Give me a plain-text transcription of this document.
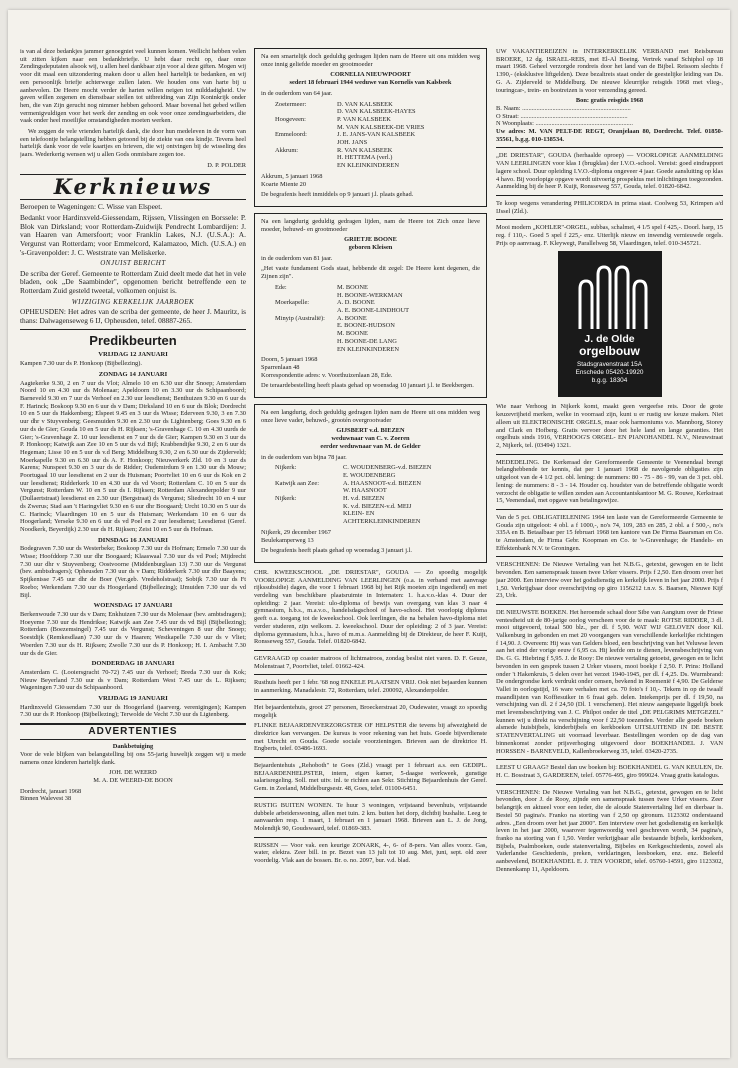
is van al deze bedankjes jammer genoegniet veel kunnen komen. Wellicht hebben velen uit zitten kijken naar een bedankbriefje. U hebt daar recht op, daar onze Zendingsdeputaten alsook wij, u allen heel dankbaar zijn voor al deze giften. Mogen wij voor dit maal een uitzondering maken door u allen heel hartelijk te bedanken, en wij een persoonlijk briefje achterwege zullen laten. We houden ons van harte bij u aanbevolen. De Heere mocht verder de harten willen neigen tot milddadigheid. Uw gaven willen zegenen en dienstbaar stellen tot uitbreiding van Zijn Koninkrijk onder hen, die van Zijn gerucht nog nimmer hebben gehoord. Maar bovenal het gebed willen vermenigvuldigen voor het werk der zending en ook voor onze zendingsarbeiders, die vaak onder heel moeilijke omstandigheden moeten werken.

We zeggen de vele vrienden hartelijk dank, die door hun medeleven in de vorm van een telefoontje belangstelling hebben getoond bij de ziekte van ons kindje. Tevens heel hartelijk dank voor de vele kaartjes en brieven, die wij ontvingen bij de wisseling des jaars. Wederkerig wensen wij u allen Gods onmisbare zegen toe.

D. P. POLDER

Kerknieuws

Beroepen te Wageningen: C. Wisse van Elspeet.

Bedankt voor Hardinxveld-Giessendam, Rijssen, Vlissingen en Borssele: P. Blok van Dirksland; voor Rotterdam-Zuidwijk Pendrecht Lombardijen: J. van Haaren van Amersfoort; voor Franklin Lakes, N.J. (U.S.A.): A. Vergunst van Rotterdam; voor Emmelcord, Kalamazoo, Mich. (U.S.A.) en 's-Gravenpolder: J. C. Weststrate van Meliskerke.

ONJUIST BERICHT

De scriba der Geref. Gemeente te Rotterdam Zuid deelt mede dat het in vele bladen, ook „De Saambinder", opgenomen bericht betreffende een te Rotterdam Zuid gesteld tweetal, volkomen onjuist is.

WIJZIGING KERKELIJK JAARBOEK

OPHEUSDEN: Het adres van de scriba der gemeente, de heer J. Mauritz, is thans: Dalwagenseweg 6 IJ, Opheusden, telef. 08887-265.

Predikbeurten
VRIJDAG 12 JANUARI

Kampen 7.30 uur ds P. Honkoop (Bijbellezing).

ZONDAG 14 JANUARI

Aagtekerke 9.30, 2 en 7 uur ds Vlot; Almelo 10 en 6.30 uur dhr Snoep; Amsterdam Noord 10 en 4.30 uur ds Molenaar; Apeldoorn 10 en 3.30 uur ds Schipaanboord; Barneveld 9.30 en 7 uur ds Verhoef en 2.30 uur leesdienst; Benthuizen 9.30 en 6 uur ds F. Harinck; Boskoop 9.30 en 6 uur ds v Dam; Dirksland 10 en 6 uur ds Blok; Dordrecht 10 en 5 uur ds Hakkenberg; Elspeet 9.45 en 3 uur ds Wisse; Ederveen 9.30, 3 en 7.30 uur dhr v Stuyvenberg; Geesmuiden 9.30 en 2.30 uur ds Lightenberg; Goes 9.30 en 6 uur ds de Gier; Gouda 10 en 5 uur ds H. Rijksen; 's-Gravenhage C. 10 en 4.30 uurds de Gier; 's-Gravenhage Z. 10 uur leesdienst en 7 uur ds de Gier; Kampen 9.30 en 3 uur ds P. Honkoop; Katwijk aan Zee 10 en 5 uur ds v.d Bijl; Krabbendijke 9.30, 2 en 6 uur ds Hegeman; Lisse 10 en 5 uur ds v.d Berg; Middelburg 9.30, 2 en 6.30 uur ds Zijderveld; Moerkapelle 9.30 en 6.30 uur ds A. F. Honkoop; Nieuwerkerk Zld. 10 en 3 uur ds Karens; Nunspeet 9.30 en 3 uur ds de Ridder; Oudemirdum 9 en 1.30 uur ds Mouw; Poortugaal 10 uur leesdienst en 2 uur ds Huisman; Poortvliet 10 en 6 uur ds Kok en 2 uur leesdienst; Ridderkerk 10 en 4.30 uur ds vd Voort; Rotterdam C. 10 en 5 uur ds Vergunst; Rotterdam W. 10 en 5 uur ds I. Rijksen; Rotterdam Alexanderpolder 9 uur (Dullaertstraat) leesdienst en 2.30 uur (Bergstraat) ds Vergunst; Sliedrecht 10 en 4 uur ds Zwerus; Stad aan 't Haringvliet 9.30 en 6 uur dhr Boogaard; Urcht 10.30 en 5 uur ds C. Harinck; Vlaardingen 10 en 5 uur ds Huisman; Werkendam 10 en 6 uur ds Hoogerland; Yerseke 9.30 en 6 uur ds vd Poel en 2 uur leesdienst; Leesdienst (Geref. Noodkerk, Beyerdijk) 2.30 uur ds H. Rijksen; Zeist 10 en 5 uur ds Hofman.

DINSDAG 16 JANUARI

Bodegraven 7.30 uur ds Westerbeke; Boskoop 7.30 uur ds Hofman; Ermelo 7.30 uur ds Wisse; Hoofddorp 7.30 uur dhr Boogaard; Klaaswaal 7.30 uur ds vd Poel; Mijdrecht 7.30 uur dhr v Stuyvenberg; Oostvoorne (Middenburglaan 13) 7.30 uur ds Vergunst (bev. ambtsdragers); Opheusden 7.30 uur ds v Dam; Ridderkerk 7.30 uur dhr Baayens; Spijkenisse 7.45 uur dhr de Boer (Ver.geb. Vredeholstraat); Sobijk 7.30 uur ds Ft Roebo; Werkendam 7.30 uur ds Hoogerland (Bijbellezing); IJmuiden 7.30 uur ds vd Bijl.

WOENSDAG 17 JANUARI

Berkenwoude 7.30 uur ds v Dam; Enkhuizen 7.30 uur ds Molenaar (bev. ambtsdragers); Hoeyeme 7.30 uur ds Hendrikse; Katwijk aan Zee 7.45 uur ds vd Bijl (Bijbellezing); Rotterdam (Boezemsingel) 7.45 uur ds Vergunst; Scheveningen 8 uur dhr Snoep; Soestdijk (Remkesdlaan) 7.30 uur ds v Haaren; Westkapelle 7.30 uur ds v Vliet; Woerden 7.30 uur ds H. Rijksen; Zwolle 7.30 uur ds P. Honkoop; H. I. Ambacht 7.30 uur ds de Gier.

DONDERDAG 18 JANUARI

Amsterdam C. (Looiersgracht 70-72) 7.45 uur ds Verhoef; Breda 7.30 uur ds Kok; Nieuw Beyerland 7.30 uur ds v Dam; Rotterdam West 7.45 uur ds L. Rijksen; Wageningen 7.30 uur ds Schipaanboord.

VRIJDAG 19 JANUARI

Hardinxveld Giessendam 7.30 uur ds Hoogerland (jaarverg. verenigingen); Kampen 7.30 uur ds P. Honkoop (Bijbellezing); Terwolde de Vecht 7.30 uur ds Ligtenberg.

ADVERTENTIES
Dankbetuiging

Voor de vele blijken van belangstelling bij ons 55-jarig huwelijk zeggen wij u mede namens onze kinderen hartelijk dank.

JOH. DE WEERD
M. A. DE WEERD-DE BOON
Dordrecht, januari 1968
Binnen Walevest 38

Na een smartelijk doch geduldig gedragen lijden nam de Heere uit ons midden weg onze innig geliefde moeder en grootmoeder

CORNELIA NIEUWPOORT
sedert 18 februari 1944 weduwe van Kornelis van Kalsbeek

in de ouderdom van 64 jaar.

Zoetermeer:	D. VAN KALSBEEK
D. VAN KALSBEEK-HAYES
Hoogeveen:	P. VAN KALSBEEK
M. VAN KALSBEEK-DE VRIES
Emmeloord:	J. E. JANS-VAN KALSBEEK
JOH. JANS
Akkrum:	R. VAN KALSBEEK
H. HETTEMA (verl.)
EN KLEINKINDEREN
Akkrum, 5 januari 1968
Koarte Miente 20

De begrafenis heeft inmiddels op 9 januari j.l. plaats gehad.

Na een langdurig geduldig gedragen lijden, nam de Heere tot Zich onze lieve moeder, behuwd- en grootmoeder

GRIETJE BOONE
geboren Kleisen

in de ouderdom van 81 jaar.

„Het vaste fundament Gods staat, hebbende dit zegel: De Heere kent degenen, die Zijnen zijn".

Ede:	M. BOONE
H. BOONE-WERKMAN
Moerkapelle:	A. D. BOONE
A. E. BOONE-LINDHOUT
Minyip (Australië):	A. BOONE
E. BOONE-HUDSON
M. BOONE
H. BOONE-DE LANG
EN KLEINKINDEREN
Doorn, 5 januari 1968
Sparrenlaan 48
Korrespondentie adres: v. Voorthuizenlaan 28, Ede.

De teraardebestelling heeft plaats gehad op woensdag 10 januari j.l. te Beekbergen.

Na een langdurig, doch geduldig gedragen lijden nam de Heere uit ons midden weg onze lieve vader, behuwd-, grootén overgrootvader

GIJSBERT v.d. BIEZEN
weduwnaar van C. v. Zoeren
eerder weduwnaar van M. de Gelder

in de ouderdom van bijna 78 jaar.

Nijkerk:	C. WOUDENBERG-v.d. BIEZEN
E. WOUDENBERG
Katwijk aan Zee:	A. HAASNOOT-v.d. BIEZEN
W. HAASNOOT
Nijkerk:	H. v.d. BIEZEN
K. v.d. BIEZEN-v.d. MEIJ
KLEIN- EN
ACHTERKLEINKINDEREN
Nijkerk, 29 december 1967
Beulekamperweg 13

De begrafenis heeft plaats gehad op woensdag 3 januari j.l.

CHR. KWEEKSCHOOL „DE DRIESTAR", GOUDA — Zo spoedig mogelijk VOORLOPIGE AANMELDING VAN LEERLINGEN (o.a. in verband met aanvrage rijkssubsidie) dagen, die voor 1 februari 1968 bij het Rijk moeten zijn ingediend) en met verdeling van beschikbare plaatsruimte in Internaten: 1. h.a.v.o.-klas 4. Duur der opleiding: 2 jaar. Vereist: ulo-diploma of bewijs van overgang van klas 3 naar 4 gymnasium, h.b.s., m.a.v.o., handelsdagschool of havo-school. Het voorlopig diploma geeft o.a. toegang tot de kweekschool. Ook leerlingen, die na behalen havo-diploma niet verder studeren, zijn welkom. 2. kweekschool. Duur der opleiding: 2 of 3 jaar. Vereist: diploma gymnasium, h.b.s., havo of m.m.s. Aanmelding bij de Direkteur, de heer F. Kuijt, Ronsseweg 557, Gouda. Telef. 01820-6842.

GEVRAAGD op coaster matroos of lichtmatroos, zondag beslist niet varen. D. F. Geuze, Molenstraat 7, Poortvliet, telef. 01662-424.

Rusthuis heeft per 1 febr. '68 nog ENKELE PLAATSEN VRIJ. Ook niet bejaarden kunnen in aanmerking. Manadalestr. 72, Rotterdam, telef. 200092, Alexanderpolder.

Het bejaardentehuis, groot 27 personen, Broeckerstraat 20, Oudewater, vraagt zo spoedig mogelijk

FLINKE BEJAARDENVERZORGSTER OF HELPSTER die tevens bij afwezigheid de direktrice kan vervangen. De kursus is voor rekening van het huis. Goede bijverdienste met Utrecht en Gouda. Goede sociale voorzieningen. Brieven aan de direktrice H. Engberts, telef. 03486-1693.

Bejaardentehuis „Rehoboth" te Goes (Zld.) vraagt per 1 februari a.s. een GEDIPL. BEJAARDENHELPSTER, intern, eigen kamer, 5-daagse werkweek, gunstige salarisregeling. Soll. met uitv. inl. te richten aan Sekr. Stichting Bejaardenhuis der Geref. Gem. in Zeeland, Middelburgsestr. 48, Goes, telef. 01100-6451.

RUSTIG BUITEN WONEN. Te huur 3 woningen, vrijstaand bevenhuis, vrijstaande dubbele arbeiderswoning, allen met tuin. 2 km. buiten het dorp, dichtbij bushalte. Leeg te aanvaarden resp. 1 maart, 1 februari en 1 januari 1968. Brieven aan L. J. de Jong, Molendijk 90, Goudswaard, telef. 01869-383.

RIJSSEN — Voor vak. een keurige ZONARK, 4-, 6- of 8-pers. Van alles voorz. Gas, water, elektra. Zeer bill. in pr. Bezet van 13 juli tot 10 aug. Mei, juni, sept. old zeer voordelig. Vlak aan de bossen. Br. o. no. 2097, bur. v.d. blad.

UW VAKANTIEREIZEN in INTERKERKELIJK VERBAND met Reisbureau BROERE, 12 dg. ISRAEL-REIS, met El-Al Boeing. Vertrek vanaf Schiphol op 18 maart 1968. Geheel verzorgde rondreis door het land van de Bijbel. Reissom slechts f 1390,- (eksklusive liftgelden). Deze bezaltreis staat onder de geestelijke leiding van Ds. G. A. Zijderveld te Middelburg. De nieuwe kleurrijke reisgids 1968 met vlieg-, touringcar-, trein- en bootreizen is voor verzending gereed.

Bon: gratis reisgids 1968
B. Naam: ....................................................................
O Straat: ...................................................................
N Woonplaats: .............................................................

Uw adres: M. VAN PELT-DE REGT, Oranjelaan 80, Dordrecht. Telef. 01850-35561, b.g.g. 010-138534.

„DE DRIESTAR", GOUDA (herhaalde oproep) — VOORLOPIGE AANMELDING VAN LEERLINGEN voor klas I (brugklas) der I.V.O.-school. Vereist: goed eindrapport lagere school. Duur opleiding I.V.O.-diploma ongeveer 4 jaar. Goede aansluiting op klas 4 havo. Bij voorlopige opgave wordt uitvoerig prospektus met inlichtingen toegezonden. Aanmelding bij de heer P. Kuijt, Ronsseweg 557, Gouda, telef. 01820-6842.

Te koop wegens verandering PHILICORDA in prima staat. Coolweg 53, Krimpen a/d IJssel (Zld.).

Mooi modern „KOHLER"-ORGEL, subbas, schalmei, 4 1/5 spel f 425,-. Doorl. harp, 15 reg. f 110,-. Goed 5 spel f 225,- enz. Uiterlijk nieuw en inwendig vernieuwde orgels. Prijs op aanvraag. F. Kleywegt, Parallelweg 58, Vlaardingen, telef. 010-345721.

J. de Olde
orgelbouw
Stadsgravenstraat 15A
Enschede 05420-19920
b.g.g. 18304

Wie naar Verhoog in Nijkerk komt, maakt geen vergeefse reis. Door de grote keuzevrijheid merken, welke in voorraad zijn, kunt u er rustig uw keuze maken. Niet alleen uit ELEKTRONISCHE ORGELS, maar ook harmoniums v.o. Mannborg, Storey and Clark en Hofberg. Gratis vervoer door het hele land en lange garanties. Het orgelhuis sinds 1916, VERHOOG'S ORGEL- EN PIANOHANDEL N.V., Nieuwstraat 2, Nijkerk, tel. (03494) 1321.

MEDEDELING. De Kerkeraad der Gereformeerde Gemeente te Veenendaal brengt belanghebbende ter kennis, dat per 1 januari 1968 de navolgende obligaties zijn uitgeloot van de 4 1/2 pct. obl. lening: de nummers: 80 - 75 - 86 - 99, van de 3 pct. obl. lening: de nummers: 8 - 3 - 14. Houder cq. houdster van de betreffende obligatie wordt verzocht de obligatie te willen zenden aan Accountantskantoor M. G. Rouwe, Kerkstraat 15, Veenendaal, met opgave van betalingswijze.

Van de 5 pct. OBLIGATIELENING 1964 ten laste van de Gereformeerde Gemeente te Gouda zijn uitgeloot: 4 obl. a f 1000,-, no's 74, 109, 283 en 285, 2 obl. a f 500,-, no's 335A en B. Betaalbaar per 15 februari 1968 ten kantore van De Firma Baarsman en Co. te Amsterdam, de Firma Gebr. Koopman en Co. te 's-Gravenhage; de Handels- en Effektenbank N.V. te Groningen.

VERSCHENEN: De Nieuwe Vertaling van het N.B.G., getextst, gewogen en te licht bevonden. Een samenspraak tussen twee Urker vissers. Prijs f 2,50. Een droom over het jaar 2000. Een interview over het godsdienstig en kerkelijk leven in het jaar 2000. Prijs f 1,50. Verkrijgbaar door overschrijving op giro 1156212 t.n.v. S. Baarsen, Nieuwe Kijf 23, Urk.

DE NIEUWSTE BOEKEN. Het heroemde schaal door Sibe van Aangium over de Friese ventestheid uit de 80-jarige oorlog verscheen voor de te maak: ROTSE RIDDER, 3 dl. mooi uitgevoerd, totaal 500 blz., per dl. f 5,90. WAT WIJ GELOVEN door Kil. Valkenburg in gebonden en met 20 voorgangers van verschillende kerkelijke richtingen f 14,90. J. Overeem: Hij was van Gelders bloed, een beschrijving van het Veluwse leven aan het eind der vorige eeuw f 6,95 ca. Hij leefde om te dienen, levensbeschrijving van Ds. G. G. Hiebring f 5,95. J. de Rooy: De nieuwe vertaling getoetst, gewogen en te licht bevonden in een gesprek tussen 2 Urker vissers, mooi boekje f 2,50. F. Prins: Holland onder 't Hakenkruis, 5 delen over het verzet 1940-1945, per dl. f 4,25. Ds. Wurmbrand: De ondergrondse kerk verdrukt onder censen, bevkend in Roemenië f 4,90. De Gelderse Vallei in oorlogstijd, 16 ware verhalen met ca. 70 foto's f 10,-. Tekem in op de twaalf maandlijsten van Koffiesuiker in 6 fraai geb. delen. Intekenprijs per dl. f 19,50, na verschijning van dl. 2 f 24,50 (Dl. 1 verschenen). Het nieuw aangepaste liggelijk boek met levensbeschrijving van J. C. Philpot onder de titel „DE PELGRIMS METGEZEL" kunnen wij u direkt na verschijning voor f 22,50 toezenden. Verder alle goede boeken alsmede huisbijbels, kinderbijbels en kerkboeken UITSLUITEND IN DE BESTE STATENVERTALING uit voorraad leverbaar. Bestellingen worden op de dag van binnenkomst zonder prijsverhoging uitgevoerd door BOEKHANDEL J. VAN HORSSEN - BARNEVELD, Kallenbroekerweg 35, telef. 03420-2735.

LEEST U GRAAG? Bestel dan uw boeken bij: BOEKHANDEL G. VAN KEULEN, Dr. H. C. Bosstraat 3, GARDEREN, telef. 05776-495, giro 999024. Vraag gratis katalogus.

VERSCHENEN: De Nieuwe Vertaling van het N.B.G., getextst, gewogen en te licht bevonden, door J. de Rooy, zijnde een samenspraak tussen twee Urker vissers. Zeer belangrijk en aktueel voor een ieder, die de aloude Statenvertaling lief en dierbaar is. Bestel 50 pagina's. Franko na storting van f 2,50 op gironum. 1123302 onderstaand adres. „Een droom over het jaar 2000". Een interview over het godsdienstig en kerkelijk leven in het jaar 2000, waarover tegenwoordig veel geschreven wordt, 34 pagina's, franko na storting van f 1,50. Verder verkrijgbaar alle bestaande bijbels, kerkboeken, Bijbels, Psalmboeken, oude statenvertaling, Bijbeles en Kerkgeschiedenis, zowel als Vaderlandse Geschiedenis, preken, verklaringen, leesboeken, enz. enz. Beleefd aanbevelend, BOEKHANDEL E. J. TEN VOORDE, telef. 05760-14591, giro 1123302, Dennenkamp 11, Apeldoorn.
